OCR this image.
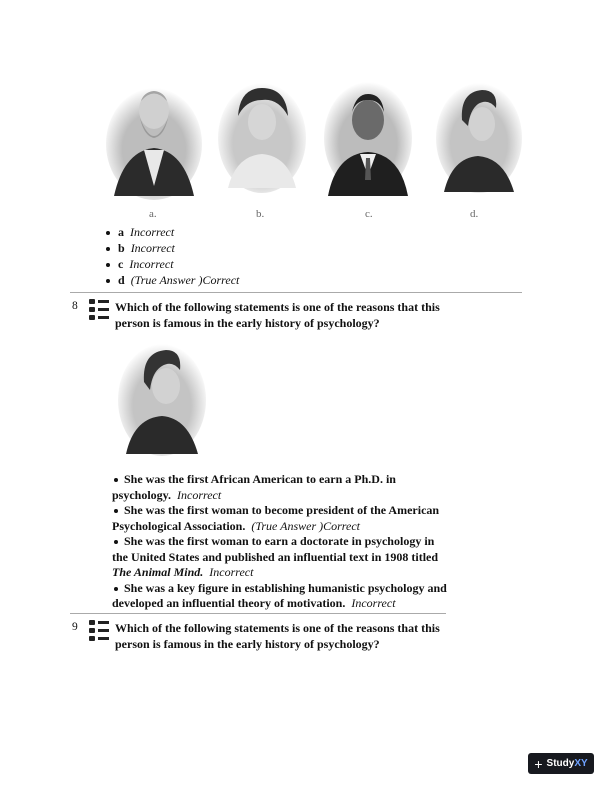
a.	b.	c.	d.
a Incorrect
b Incorrect
c Incorrect
d (True Answer )Correct
8	Which of the following statements is one of the reasons that this person is famous in the early history of psychology?
She was the first African American to earn a Ph.D. in psychology. Incorrect
She was the first woman to become president of the American Psychological Association. (True Answer )Correct
She was the first woman to earn a doctorate in psychology in the United States and published an influential text in 1908 titled The Animal Mind. Incorrect
She was a key figure in establishing humanistic psychology and developed an influential theory of motivation. Incorrect
9	Which of the following statements is one of the reasons that this person is famous in the early history of psychology?
+ Study XY
